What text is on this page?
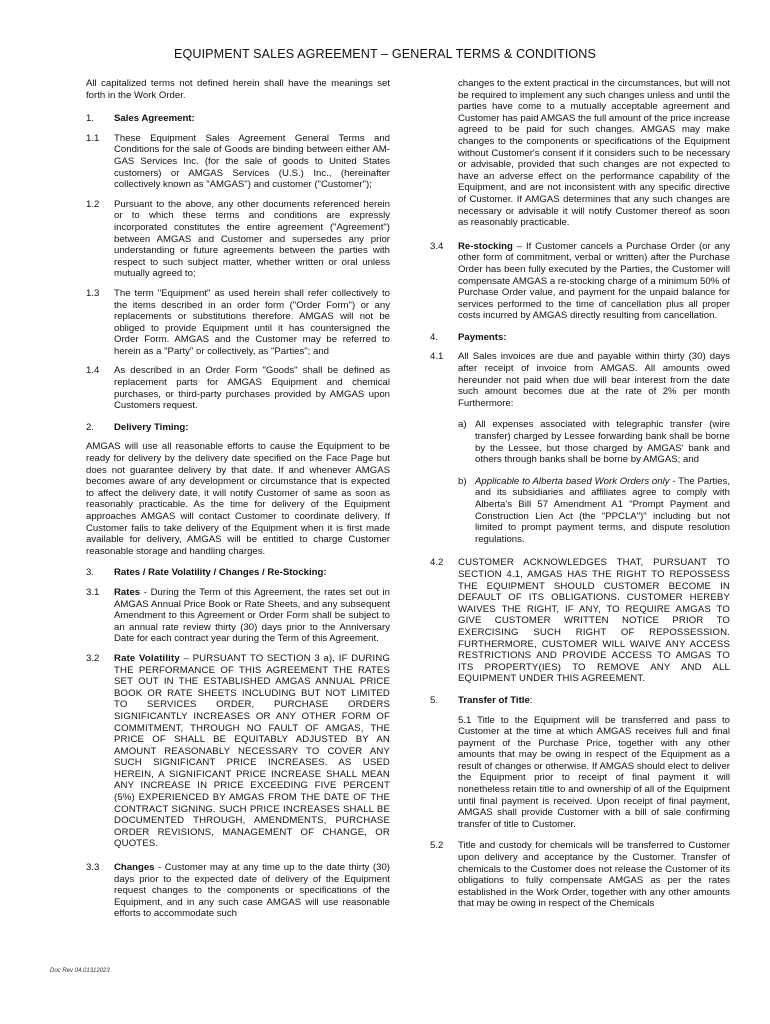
EQUIPMENT SALES AGREEMENT – GENERAL TERMS & CONDITIONS

All capitalized terms not defined herein shall have the meanings set forth in the Work Order.

1.	Sales Agreement:
1.1	These Equipment Sales Agreement General Terms and Conditions for the sale of Goods are binding between either AM-GAS Services Inc. (for the sale of goods to United States customers) or AMGAS Services (U.S.) Inc., (hereinafter collectively known as "AMGAS") and customer ("Customer");
1.2	Pursuant to the above, any other documents referenced herein or to which these terms and conditions are expressly incorporated constitutes the entire agreement ("Agreement") between AMGAS and Customer and supersedes any prior understanding or future agreements between the parties with respect to such subject matter, whether written or oral unless mutually agreed to;
1.3	The term "Equipment" as used herein shall refer collectively to the items described in an order form ("Order Form") or any replacements or substitutions therefore. AMGAS will not be obliged to provide Equipment until it has countersigned the Order Form. AMGAS and the Customer may be referred to herein as a "Party" or collectively, as "Parties"; and
1.4	As described in an Order Form "Goods" shall be defined as replacement parts for AMGAS Equipment and chemical purchases, or third-party purchases provided by AMGAS upon Customers request.
2.	Delivery Timing:

AMGAS will use all reasonable efforts to cause the Equipment to be ready for delivery by the delivery date specified on the Face Page but does not guarantee delivery by that date. If and whenever AMGAS becomes aware of any development or circumstance that is expected to affect the delivery date, it will notify Customer of same as soon as reasonably practicable. As the time for delivery of the Equipment approaches AMGAS will contact Customer to coordinate delivery. If Customer fails to take delivery of the Equipment when it is first made available for delivery, AMGAS will be entitled to charge Customer reasonable storage and handling charges.

3.	Rates / Rate Volatility / Changes / Re-Stocking:
3.1	Rates - During the Term of this Agreement, the rates set out in AMGAS Annual Price Book or Rate Sheets, and any subsequent Amendment to this Agreement or Order Form shall be subject to an annual rate review thirty (30) days prior to the Anniversary Date for each contract year during the Term of this Agreement.
3.2	Rate Volatility – PURSUANT TO SECTION 3 a), IF DURING THE PERFORMANCE OF THIS AGREEMENT THE RATES SET OUT IN THE ESTABLISHED AMGAS ANNUAL PRICE BOOK OR RATE SHEETS INCLUDING BUT NOT LIMITED TO SERVICES ORDER, PURCHASE ORDERS SIGNIFICANTLY INCREASES OR ANY OTHER FORM OF COMMITMENT, THROUGH NO FAULT OF AMGAS, THE PRICE OF SHALL BE EQUITABLY ADJUSTED BY AN AMOUNT REASONABLY NECESSARY TO COVER ANY SUCH SIGNIFICANT PRICE INCREASES. AS USED HEREIN, A SIGNIFICANT PRICE INCREASE SHALL MEAN ANY INCREASE IN PRICE EXCEEDING FIVE PERCENT (5%) EXPERIENCED BY AMGAS FROM THE DATE OF THE CONTRACT SIGNING. SUCH PRICE INCREASES SHALL BE DOCUMENTED THROUGH, AMENDMENTS, PURCHASE ORDER REVISIONS, MANAGEMENT OF CHANGE, OR QUOTES.
3.3	Changes - Customer may at any time up to the date thirty (30) days prior to the expected date of delivery of the Equipment request changes to the components or specifications of the Equipment, and in any such case AMGAS will use reasonable efforts to accommodate such

changes to the extent practical in the circumstances, but will not be required to implement any such changes unless and until the parties have come to a mutually acceptable agreement and Customer has paid AMGAS the full amount of the price increase agreed to be paid for such changes. AMGAS may make changes to the components or specifications of the Equipment without Customer's consent if it considers such to be necessary or advisable, provided that such changes are not expected to have an adverse effect on the performance capability of the Equipment, and are not inconsistent with any specific directive of Customer. If AMGAS determines that any such changes are necessary or advisable it will notify Customer thereof as soon as reasonably practicable.

3.4	Re-stocking – If Customer cancels a Purchase Order (or any other form of commitment, verbal or written) after the Purchase Order has been fully executed by the Parties, the Customer will compensate AMGAS a re-stocking charge of a minimum 50% of Purchase Order value, and payment for the unpaid balance for services performed to the time of cancellation plus all proper costs incurred by AMGAS directly resulting from cancellation.
4.	Payments:
4.1	All Sales invoices are due and payable within thirty (30) days after receipt of invoice from AMGAS. All amounts owed hereunder not paid when due will bear interest from the date such amount becomes due at the rate of 2% per month Furthermore:
a) All expenses associated with telegraphic transfer (wire transfer) charged by Lessee forwarding bank shall be borne by the Lessee, but those charged by AMGAS' bank and others through banks shall be borne by AMGAS; and
b) Applicable to Alberta based Work Orders only - The Parties, and its subsidiaries and affiliates agree to comply with Alberta's Bill 57 Amendment A1 "Prompt Payment and Construction Lien Act (the "PPCLA")" including but not limited to prompt payment terms, and dispute resolution regulations.
4.2	CUSTOMER ACKNOWLEDGES THAT, PURSUANT TO SECTION 4.1, AMGAS HAS THE RIGHT TO REPOSSESS THE EQUIPMENT SHOULD CUSTOMER BECOME IN DEFAULT OF ITS OBLIGATIONS. CUSTOMER HEREBY WAIVES THE RIGHT, IF ANY, TO REQUIRE AMGAS TO GIVE CUSTOMER WRITTEN NOTICE PRIOR TO EXERCISING SUCH RIGHT OF REPOSSESSION. FURTHERMORE, CUSTOMER WILL WAIVE ANY ACCESS RESTRICTIONS AND PROVIDE ACCESS TO AMGAS TO ITS PROPERTY(IES) TO REMOVE ANY AND ALL EQUIPMENT UNDER THIS AGREEMENT.
5.	Transfer of Title:

5.1 Title to the Equipment will be transferred and pass to Customer at the time at which AMGAS receives full and final payment of the Purchase Price, together with any other amounts that may be owing in respect of the Equipment as a result of changes or otherwise. If AMGAS should elect to deliver the Equipment prior to receipt of final payment it will nonetheless retain title to and ownership of all of the Equipment until final payment is received. Upon receipt of final payment, AMGAS shall provide Customer with a bill of sale confirming transfer of title to Customer.

5.2	Title and custody for chemicals will be transferred to Customer upon delivery and acceptance by the Customer. Transfer of chemicals to the Customer does not release the Customer of its obligations to fully compensate AMGAS as per the rates established in the Work Order, together with any other amounts that may be owing in respect of the Chemicals
Doc Rev 04.01312023
